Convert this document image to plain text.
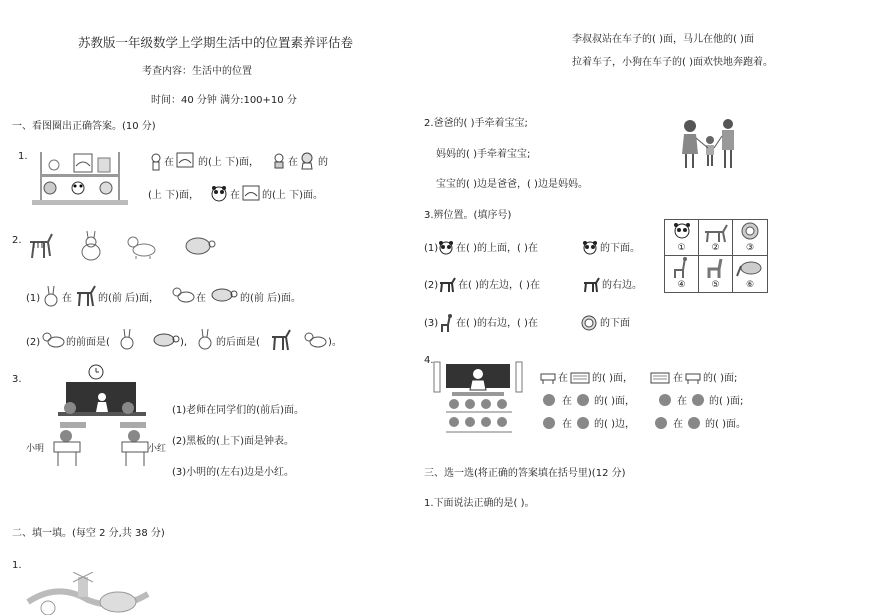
苏教版一年级数学上学期生活中的位置素养评估卷
考查内容：生活中的位置
时间：40 分钟 满分:100+10 分
一、看图圈出正确答案。(10 分)
1.
在 的(上 下)面，	在 的
(上 下)面，	在 的(上 下)面。
2.
(1) 在	的(前 后)面，	在	的(前 后)面。
(2)	的前面是(	),	的后面是(	)。
3.
小明	小红
(1)老师在同学们的(前后)面。
(2)黑板的(上下)面是钟表。
(3)小明的(左右)边是小红。
二、填一填。(每空 2 分,共 38 分)
1.
李叔叔站在车子的( )面，马儿在他的( )面
拉着车子，小狗在车子的( )面欢快地奔跑着。
2.爸爸的( )手牵着宝宝;
妈妈的( )手牵着宝宝;
宝宝的( )边是爸爸，( )边是妈妈。
3.辨位置。(填序号)
(1) 在( )的上面，( )在	的下面。
(2) 在( )的左边，( )在	的右边。
(3) 在( )的右边，( )在	的下面
①	②	③
④	⑤	⑥
4.
在 的( )面，	在 的( )面;
在 的( )面，	在 的( )面;
在 的( )边，	在 的( )面。
三、选一选(将正确的答案填在括号里)(12 分)
1.下面说法正确的是( )。
